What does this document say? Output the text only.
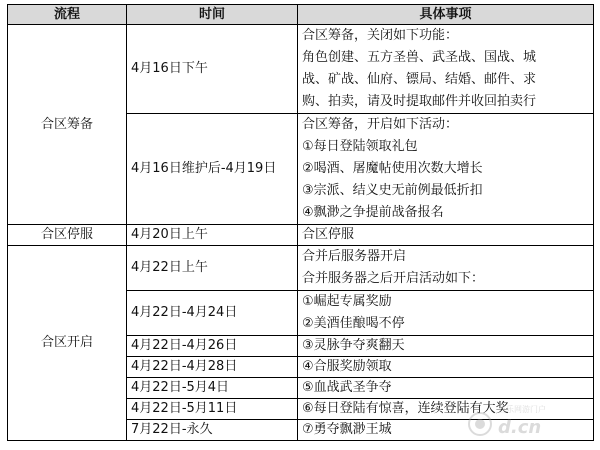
流程	时间	具体事项
合区筹备	4月16日下午	合区筹备，关闭如下功能：
角色创建、五方圣兽、武圣战、国战、城
战、矿战、仙府、镖局、结婚、邮件、求
购、拍卖，请及时提取邮件并收回拍卖行

	4月16日维护后-4月19日	合区筹备，开启如下活动：
①每日登陆领取礼包
②喝酒、屠魔帖使用次数大增长
③宗派、结义史无前例最低折扣
④飘渺之争提前战备报名

合区停服	4月20日上午	合区停服
合区开启	4月22日上午	合并后服务器开启
合并服务器之后开启活动如下：

	4月22日-4月24日	①崛起专属奖励
②美酒佳酿喝不停

	4月22日-4月26日	③灵脉争夺爽翻天
	4月22日-4月28日	④合服奖励领取
	4月22日-5月4日	⑤血战武圣争夺
	4月22日-5月11日	⑥每日登陆有惊喜，连续登陆有大奖
	7月22日-永久	⑦勇夺飘渺王城
当乐网游门户
d.cn
